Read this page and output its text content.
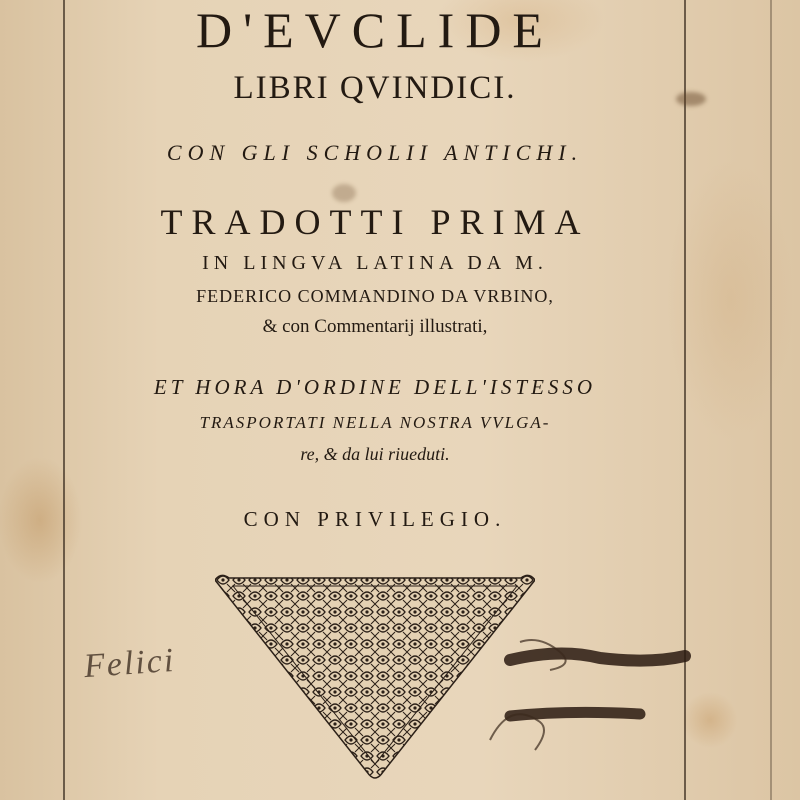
D'EVCLIDE
LIBRI QVINDICI.
CON GLI SCHOLII ANTICHI.
TRADOTTI PRIMA
IN LINGVA LATINA DA M.
FEDERICO COMMANDINO DA VRBINO,
& con Commentarij illustrati,
ET HORA D'ORDINE DELL'ISTESSO
TRASPORTATI NELLA NOSTRA VVLGA-
re, & da lui riueduti.
CON PRIVILEGIO.
Felici
